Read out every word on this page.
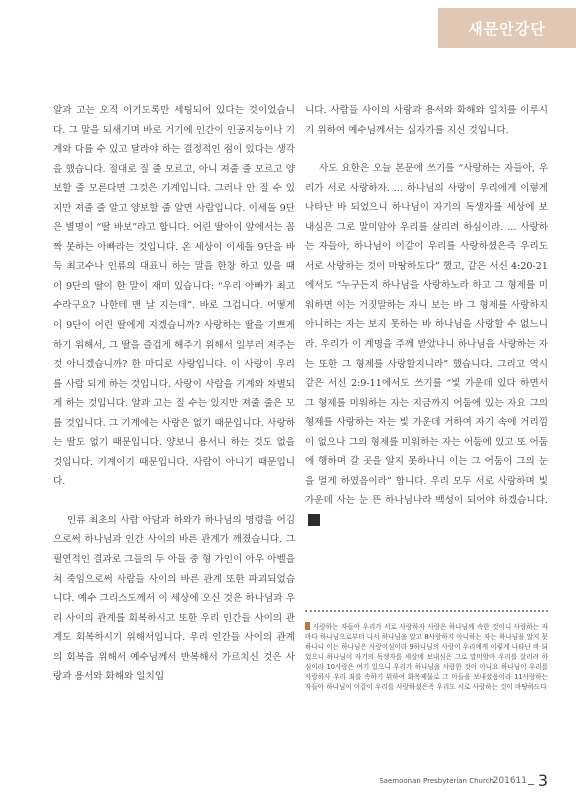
새문안강단

알과 고는 오직 이기도록만 세팅되어 있다는 것이었습니다. 그 말을 되새기며 바로 거기에 인간이 인공지능이나 기계와 다를 수 있고 달라야 하는 결정적인 점이 있다는 생각을 했습니다. 절대로 질 줄 모르고, 아니 져줄 줄 모르고 양보할 줄 모른다면 그것은 기계입니다. 그러나 안 질 수 있지만 져줄 줄 알고 양보할 줄 알면 사람입니다. 이세돌 9단은 별명이 “딸 바보”라고 합니다. 어린 딸아이 앞에서는 꼼짝 못하는 아빠라는 것입니다. 온 세상이 이세돌 9단을 바둑 최고수나 인류의 대표니 하는 말을 한창 하고 있을 때 이 9단의 딸이 한 말이 재미 있습니다: “우리 아빠가 최고수라구요? 나한테 맨 날 지는데”. 바로 그겁니다. 어떻게 이 9단이 어린 딸에게 지겠습니까? 사랑하는 딸을 기쁘게 하기 위해서, 그 딸을 즐겁게 해주기 위해서 일부러 져주는 것 아니겠습니까? 한 마디로 사랑입니다. 이 사랑이 우리를 사람 되게 하는 것입니다. 사랑이 사람을 기계와 차별되게 하는 것입니다. 알과 고는 질 수는 있지만 져줄 줄은 모를 것입니다. 그 기계에는 사랑은 없기 때문입니다. 사랑하는 딸도 없기 때문입니다. 양보니 용서니 하는 것도 없을 것입니다. 기계이기 때문입니다. 사람이 아니기 때문입니다.

인류 최초의 사람 아담과 하와가 하나님의 명령을 어김으로써 하나님과 인간 사이의 바른 관계가 깨졌습니다. 그 필연적인 결과로 그들의 두 아들 중 형 가인이 아우 아벨을 쳐 죽임으로써 사람들 사이의 바른 관계 또한 파괴되었습니다. 예수 그리스도께서 이 세상에 오신 것은 하나님과 우리 사이의 관계를 회복하시고 또한 우리 인간들 사이의 관계도 회복하시기 위해서입니다. 우리 인간들 사이의 관계의 회복을 위해서 예수님께서 반복해서 가르치신 것은 사랑과 용서와 화해와 일치입

니다. 사람들 사이의 사랑과 용서와 화해와 일치를 이루시기 위하여 예수님께서는 십자가를 지신 것입니다.

사도 요한은 오늘 본문에 쓰기를 “사랑하는 자들아, 우리가 서로 사랑하자. ... 하나님의 사랑이 우리에게 이렇게 나타난 바 되었으니 하나님이 자기의 독생자를 세상에 보내심은 그로 말미암아 우리를 살리려 하심이라. ... 사랑하는 자들아, 하나님이 이같이 우리를 사랑하셨은즉 우리도 서로 사랑하는 것이 마땅하도다” 했고, 같은 서신 4:20-21에서도 “누구든지 하나님을 사랑하노라 하고 그 형제를 미워하면 이는 거짓말하는 자니 보는 바 그 형제를 사랑하지 아니하는 자는 보지 못하는 바 하나님을 사랑할 수 없느니라. 우리가 이 계명을 주께 받았나니 하나님을 사랑하는 자는 또한 그 형제를 사랑할지니라” 했습니다. 그리고 역시 같은 서신 2:9-11에서도 쓰기를 “빛 가운데 있다 하면서 그 형제를 미워하는 자는 지금까지 어둠에 있는 자요 그의 형제를 사랑하는 자는 빛 가운데 거하여 자기 속에 거리낌이 없으나 그의 형제를 미워하는 자는 어둠에 있고 또 어둠에 행하며 갈 곳을 알지 못하나니 이는 그 어둠이 그의 눈을 멀게 하였음이라” 합니다. 우리 모두 서로 사랑하며 빛 가운데 사는 눈 뜬 하나님나라 백성이 되어야 하겠습니다.ᄑ

사랑하는 자들아 우리가 서로 사랑하자 사랑은 하나님께 속한 것이니 사랑하는 자마다 하나님으로부터 나서 하나님을 알고 8사랑하지 아니하는 자는 하나님을 알지 못하나니 이는 하나님은 사랑이심이라 9하나님의 사랑이 우리에게 이렇게 나타난 바 되었으니 하나님이 자기의 독생자를 세상에 보내심은 그로 말미암아 우리를 살리려 하심이라 10사랑은 여기 있으니 우리가 하나님을 사랑한 것이 아니요 하나님이 우리를 사랑하사 우리 죄를 속하기 위하여 화목제물로 그 아들을 보내셨음이라 11사랑하는 자들아 하나님이 이같이 우리를 사랑하셨은즉 우리도 서로 사랑하는 것이 마땅하도다
Saemoonan Presbyterian Church
201611 3
